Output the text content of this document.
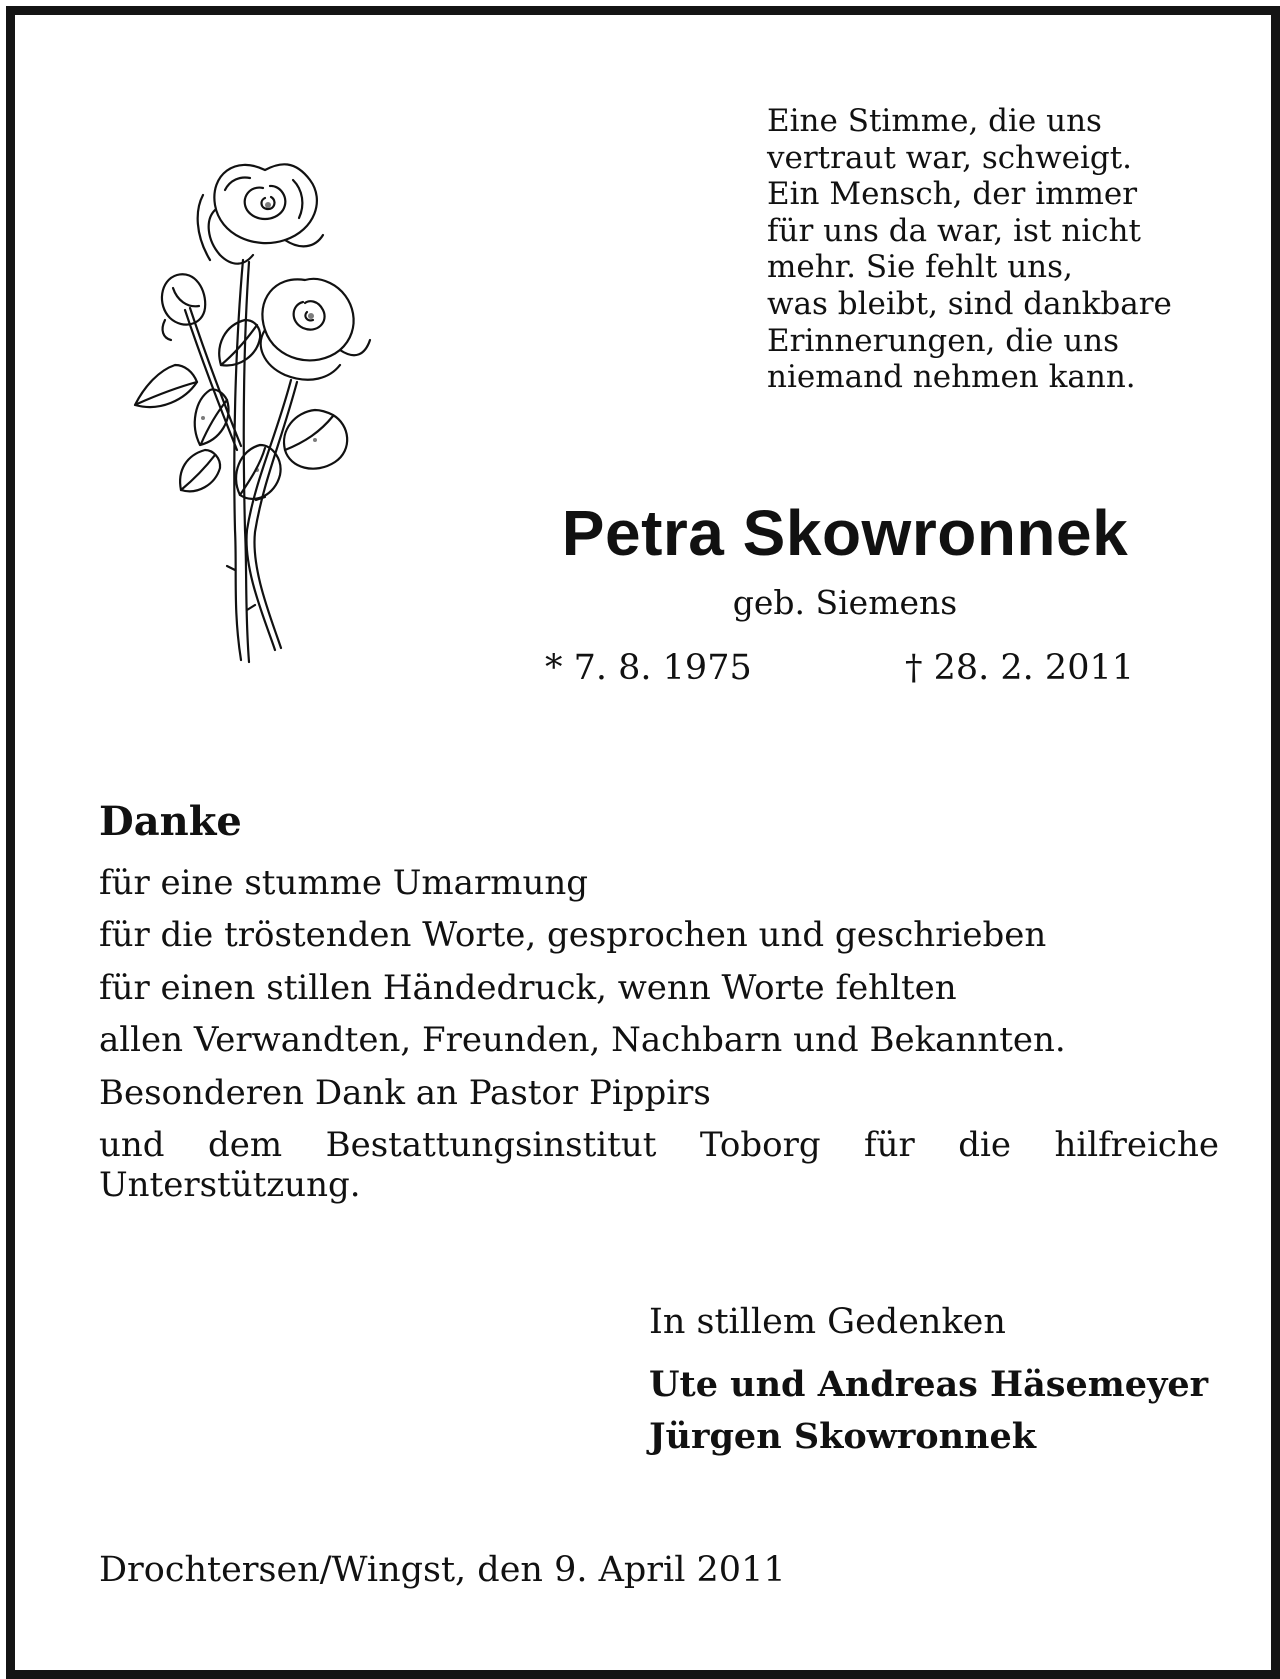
Eine Stimme, die uns
vertraut war, schweigt.
Ein Mensch, der immer
für uns da war, ist nicht
mehr. Sie fehlt uns,
was bleibt, sind dankbare
Erinnerungen, die uns
niemand nehmen kann.
Petra Skowronnek
geb. Siemens
* 7. 8. 1975	† 28. 2. 2011
Danke
für eine stumme Umarmung
für die tröstenden Worte, gesprochen und geschrieben
für einen stillen Händedruck, wenn Worte fehlten
allen Verwandten, Freunden, Nachbarn und Bekannten.
Besonderen Dank an Pastor Pippirs
und dem Bestattungsinstitut Toborg für die hilfreiche Unterstützung.
In stillem Gedenken
Ute und Andreas Häsemeyer
Jürgen Skowronnek
Drochtersen/Wingst, den 9. April 2011
